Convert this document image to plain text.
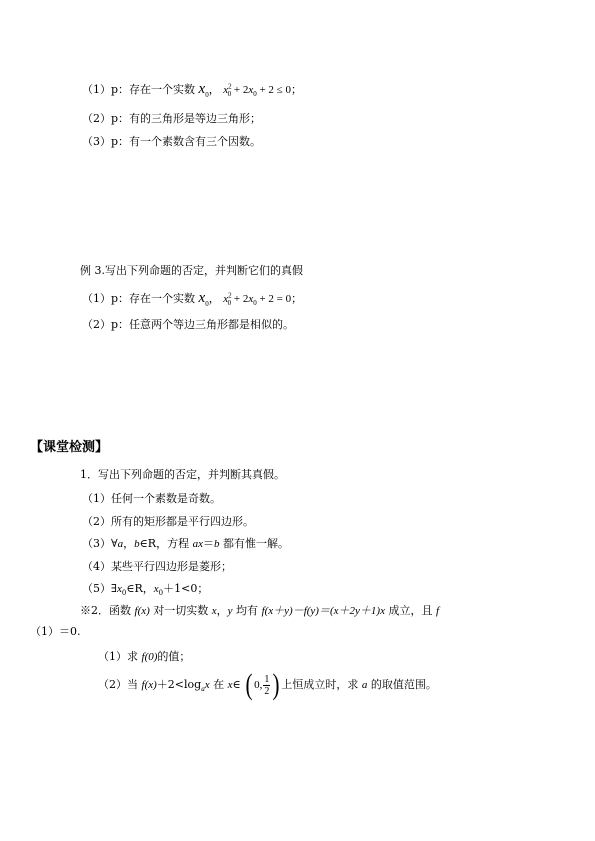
（1）p：存在一个实数 $x_0$， $x^2_0 + 2x_0 + 2 \le 0$；
（2）p：有的三角形是等边三角形；
（3）p：有一个素数含有三个因数。
例 3.写出下列命题的否定，并判断它们的真假
（1）p：存在一个实数 $x_0$， $x^2_0 + 2x_0 + 2 = 0$；
（2）p：任意两个等边三角形都是相似的。
【课堂检测】
1．写出下列命题的否定，并判断其真假。
（1）任何一个素数是奇数。
（2）所有的矩形都是平行四边形。
（3）∀a，b∈R，方程 ax＝b 都有惟一解。
（4）某些平行四边形是菱形；
$(5)\exists x_0\in R$，$x_0+1<0$；
※2．函数 f(x) 对一切实数 x，y 均有 f(x＋y)－f(y)＝(x＋2y＋1)x 成立，且 f
（1）＝0.
（1）求 f(0)的值；
（2）当 $f(x)+2<\log_ax$ 在 x∈ ( 0, 1
2 ) 上恒成立时，求 a 的取值范围。
